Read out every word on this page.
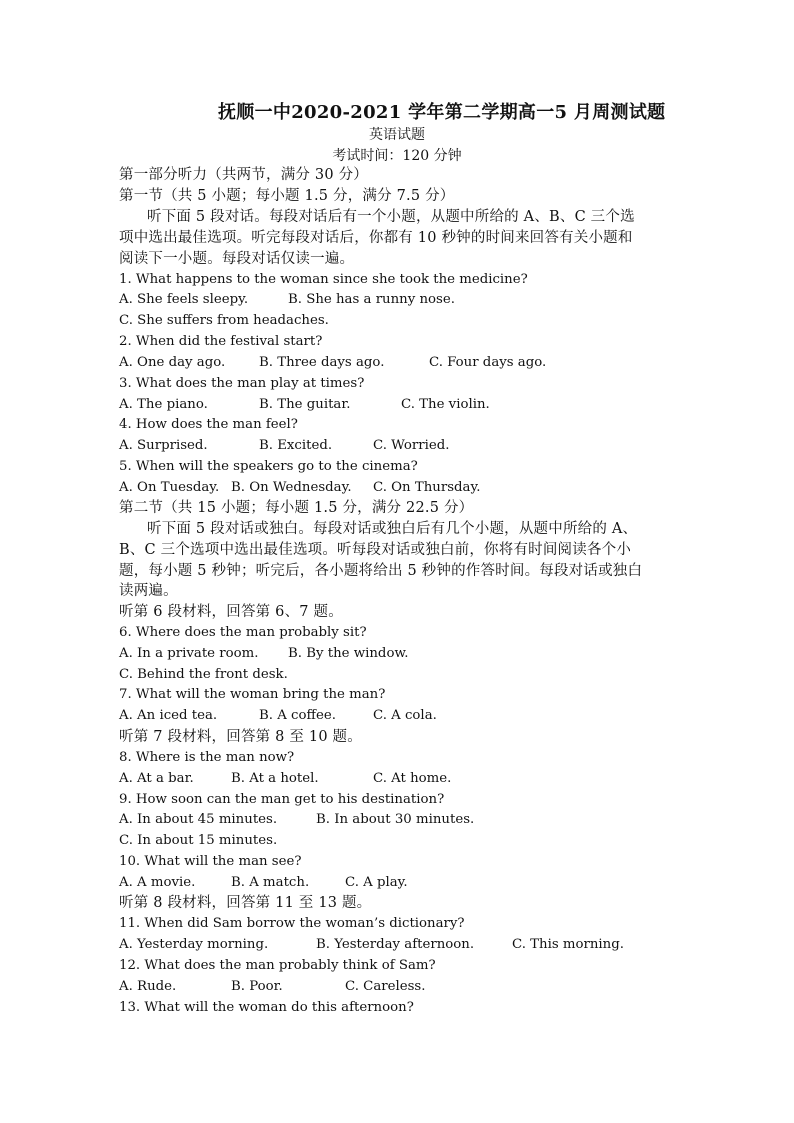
抚顺一中2020-2021 学年第二学期高一5 月周测试题
英语试题
考试时间：120 分钟
第一部分听力（共两节，满分 30 分）
第一节（共 5 小题；每小题 1.5 分，满分 7.5 分）
听下面 5 段对话。每段对话后有一个小题，从题中所给的 A、B、C 三个选
项中选出最佳选项。听完每段对话后，你都有 10 秒钟的时间来回答有关小题和
阅读下一小题。每段对话仅读一遍。
1. What happens to the woman since she took the medicine?
A. She feels sleepy.	B. She has a runny nose.
C. She suffers from headaches.
2. When did the festival start?
A. One day ago.	B. Three days ago.	C. Four days ago.
3. What does the man play at times?
A. The piano.	B. The guitar.	C. The violin.
4. How does the man feel?
A. Surprised.	B. Excited.	C. Worried.
5. When will the speakers go to the cinema?
A. On Tuesday. B. On Wednesday. C. On Thursday.
第二节（共 15 小题；每小题 1.5 分，满分 22.5 分）
听下面 5 段对话或独白。每段对话或独白后有几个小题，从题中所给的 A、
B、C 三个选项中选出最佳选项。听每段对话或独白前，你将有时间阅读各个小
题，每小题 5 秒钟；听完后，各小题将给出 5 秒钟的作答时间。每段对话或独白
读两遍。
听第 6 段材料，回答第 6、7 题。
6. Where does the man probably sit?
A. In a private room. B. By the window.
C. Behind the front desk.
7. What will the woman bring the man?
A. An iced tea.	B. A coffee.	C. A cola.
听第 7 段材料，回答第 8 至 10 题。
8. Where is the man now?
A. At a bar.	B. At a hotel.	C. At home.
9. How soon can the man get to his destination?
A. In about 45 minutes.	B. In about 30 minutes.
C. In about 15 minutes.
10. What will the man see?
A. A movie.	B. A match.	C. A play.
听第 8 段材料，回答第 11 至 13 题。
11. When did Sam borrow the woman’s dictionary?
A. Yesterday morning.	B. Yesterday afternoon.	C. This morning.
12. What does the man probably think of Sam?
A. Rude.	B. Poor.	C. Careless.
13. What will the woman do this afternoon?
